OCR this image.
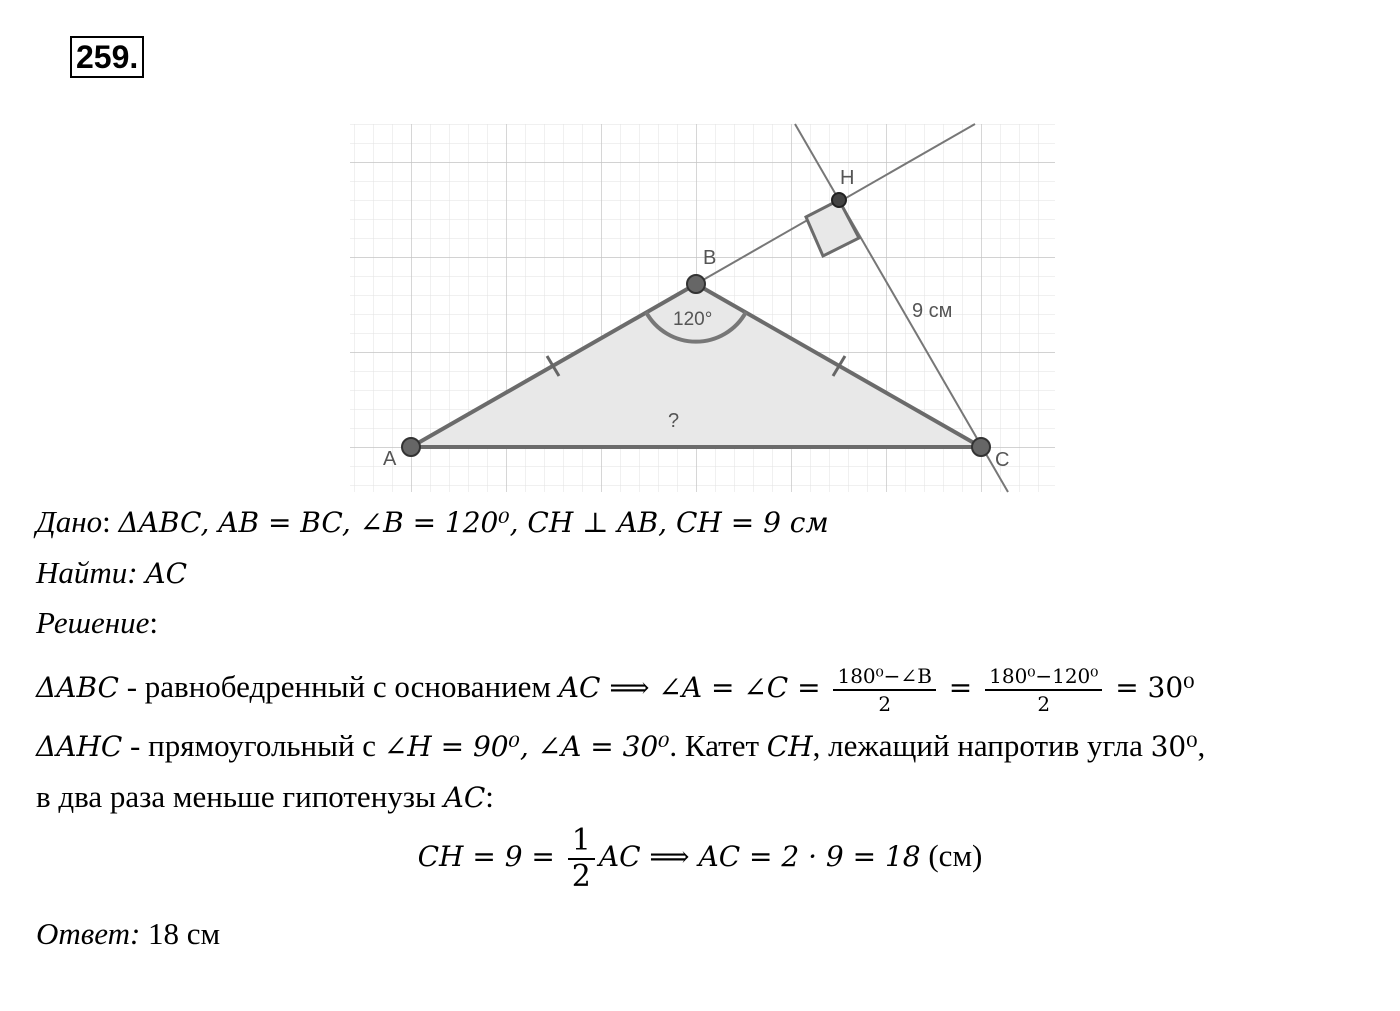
259.
A
B
C
H
120°	9 см
?
Дано: ΔABC, AB = BC, ∠B = 120⁰, CH ⊥ AB, CH = 9 см
Найти: AC
Решение:
ΔABC - равнобедренный с основанием AC ⟹ ∠A = ∠C = $\frac{\text{180⁰−∠B}}{2} = \frac{\text{180⁰−120⁰}}{2} = 30^0$
ΔAHC - прямоугольный с ∠H = 90⁰, ∠A = 30⁰. Катет CH, лежащий напротив угла 30⁰,
в два раза меньше гипотенузы AC:
CH = $9 = \frac{1}{2}$ AC ⟹ AC = 2 · 9 = 18 (см)
Ответ: 18 см
